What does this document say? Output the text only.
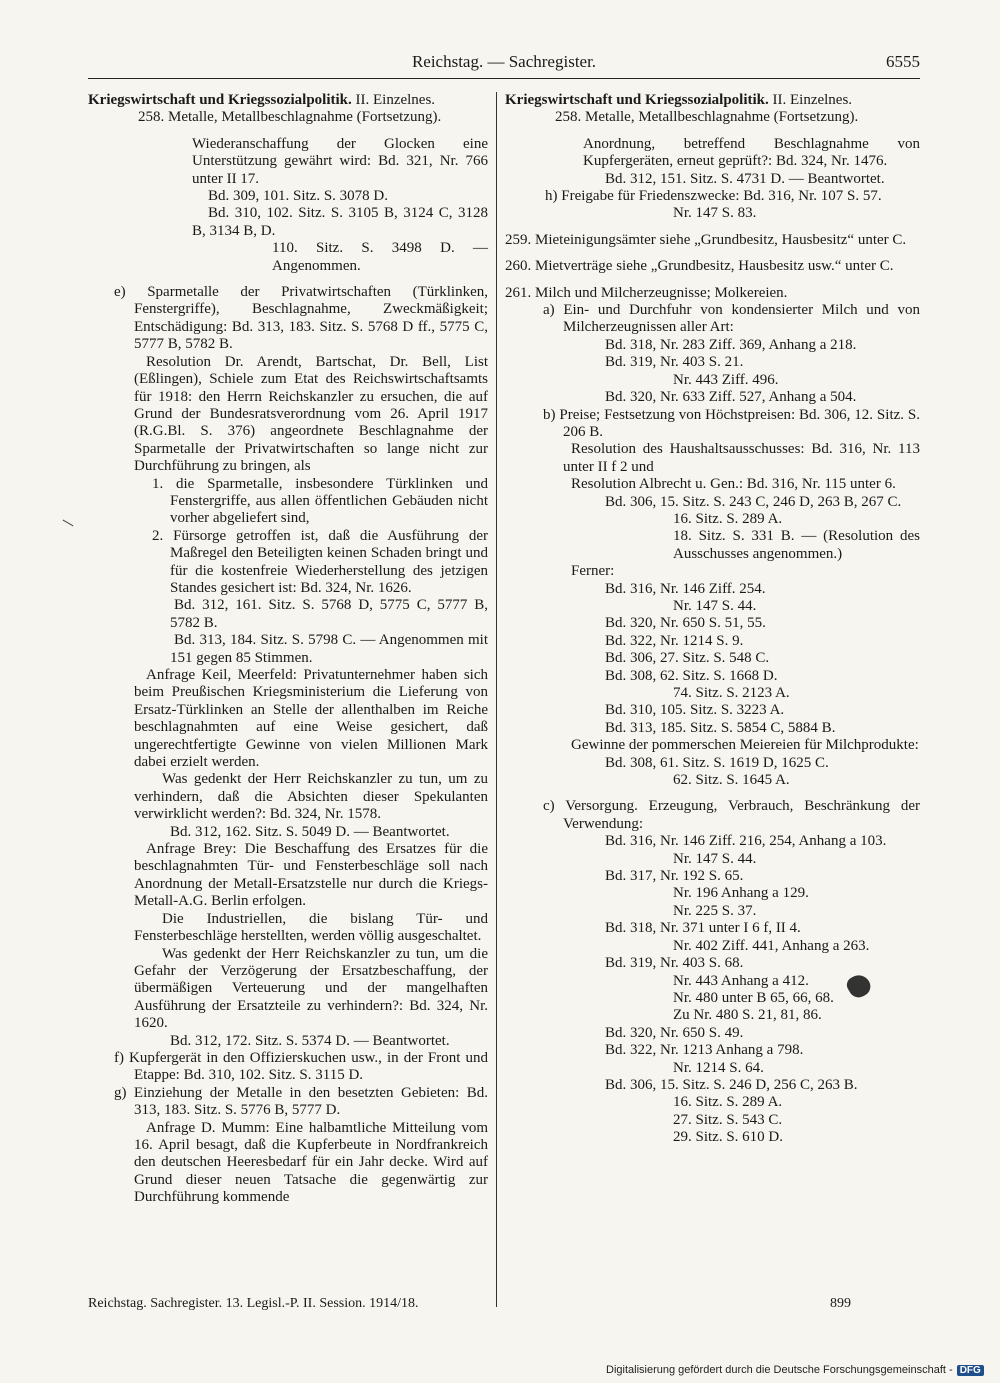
Reichstag. — Sachregister.	6555

Kriegswirtschaft und Kriegssozialpolitik. II. Einzelnes.

258. Metalle, Metallbeschlagnahme (Fortsetzung).

Wiederanschaffung der Glocken eine Unterstützung gewährt wird: Bd. 321, Nr. 766 unter II 17.

Bd. 309, 101. Sitz. S. 3078 D.

Bd. 310, 102. Sitz. S. 3105 B, 3124 C, 3128 B, 3134 B, D.

110. Sitz. S. 3498 D. — Angenommen.

e) Sparmetalle der Privatwirtschaften (Türklinken, Fenstergriffe), Beschlagnahme, Zweckmäßigkeit; Entschädigung: Bd. 313, 183. Sitz. S. 5768 D ff., 5775 C, 5777 B, 5782 B.

Resolution Dr. Arendt, Bartschat, Dr. Bell, List (Eßlingen), Schiele zum Etat des Reichswirtschaftsamts für 1918: den Herrn Reichskanzler zu ersuchen, die auf Grund der Bundesratsverordnung vom 26. April 1917 (R.G.Bl. S. 376) angeordnete Beschlagnahme der Sparmetalle der Privatwirtschaften so lange nicht zur Durchführung zu bringen, als

1. die Sparmetalle, insbesondere Türklinken und Fenstergriffe, aus allen öffentlichen Gebäuden nicht vorher abgeliefert sind,

2. Fürsorge getroffen ist, daß die Ausführung der Maßregel den Beteiligten keinen Schaden bringt und für die kostenfreie Wiederherstellung des jetzigen Standes gesichert ist: Bd. 324, Nr. 1626.

Bd. 312, 161. Sitz. S. 5768 D, 5775 C, 5777 B, 5782 B.

Bd. 313, 184. Sitz. S. 5798 C. — Angenommen mit 151 gegen 85 Stimmen.

Anfrage Keil, Meerfeld: Privatunternehmer haben sich beim Preußischen Kriegsministerium die Lieferung von Ersatz-Türklinken an Stelle der allenthalben im Reiche beschlagnahmten auf eine Weise gesichert, daß ungerechtfertigte Gewinne von vielen Millionen Mark dabei erzielt werden.

Was gedenkt der Herr Reichskanzler zu tun, um zu verhindern, daß die Absichten dieser Spekulanten verwirklicht werden?: Bd. 324, Nr. 1578.

Bd. 312, 162. Sitz. S. 5049 D. — Beantwortet.

Anfrage Brey: Die Beschaffung des Ersatzes für die beschlagnahmten Tür- und Fensterbeschläge soll nach Anordnung der Metall-Ersatzstelle nur durch die Kriegs-Metall-A.G. Berlin erfolgen.

Die Industriellen, die bislang Tür- und Fensterbeschläge herstellten, werden völlig ausgeschaltet.

Was gedenkt der Herr Reichskanzler zu tun, um die Gefahr der Verzögerung der Ersatzbeschaffung, der übermäßigen Verteuerung und der mangelhaften Ausführung der Ersatzteile zu verhindern?: Bd. 324, Nr. 1620.

Bd. 312, 172. Sitz. S. 5374 D. — Beantwortet.

f) Kupfergerät in den Offizierskuchen usw., in der Front und Etappe: Bd. 310, 102. Sitz. S. 3115 D.

g) Einziehung der Metalle in den besetzten Gebieten: Bd. 313, 183. Sitz. S. 5776 B, 5777 D.

Anfrage D. Mumm: Eine halbamtliche Mitteilung vom 16. April besagt, daß die Kupferbeute in Nordfrankreich den deutschen Heeresbedarf für ein Jahr decke. Wird auf Grund dieser neuen Tatsache die gegenwärtig zur Durchführung kommende

Kriegswirtschaft und Kriegssozialpolitik. II. Einzelnes.

258. Metalle, Metallbeschlagnahme (Fortsetzung).

Anordnung, betreffend Beschlagnahme von Kupfergeräten, erneut geprüft?: Bd. 324, Nr. 1476.

Bd. 312, 151. Sitz. S. 4731 D. — Beantwortet.

h) Freigabe für Friedenszwecke: Bd. 316, Nr. 107 S. 57.

Nr. 147 S. 83.

259. Mieteinigungsämter siehe „Grundbesitz, Hausbesitz“ unter C.

260. Mietverträge siehe „Grundbesitz, Hausbesitz usw.“ unter C.

261. Milch und Milcherzeugnisse; Molkereien.

a) Ein- und Durchfuhr von kondensierter Milch und von Milcherzeugnissen aller Art:

Bd. 318, Nr. 283 Ziff. 369, Anhang a 218.

Bd. 319, Nr. 403 S. 21.

Nr. 443 Ziff. 496.

Bd. 320, Nr. 633 Ziff. 527, Anhang a 504.

b) Preise; Festsetzung von Höchstpreisen: Bd. 306, 12. Sitz. S. 206 B.

Resolution des Haushaltsausschusses: Bd. 316, Nr. 113 unter II f 2 und

Resolution Albrecht u. Gen.: Bd. 316, Nr. 115 unter 6.

Bd. 306, 15. Sitz. S. 243 C, 246 D, 263 B, 267 C.

16. Sitz. S. 289 A.

18. Sitz. S. 331 B. — (Resolution des Ausschusses angenommen.)

Ferner:

Bd. 316, Nr. 146 Ziff. 254.

Nr. 147 S. 44.

Bd. 320, Nr. 650 S. 51, 55.

Bd. 322, Nr. 1214 S. 9.

Bd. 306, 27. Sitz. S. 548 C.

Bd. 308, 62. Sitz. S. 1668 D.

74. Sitz. S. 2123 A.

Bd. 310, 105. Sitz. S. 3223 A.

Bd. 313, 185. Sitz. S. 5854 C, 5884 B.

Gewinne der pommerschen Meiereien für Milchprodukte:

Bd. 308, 61. Sitz. S. 1619 D, 1625 C.

62. Sitz. S. 1645 A.

c) Versorgung. Erzeugung, Verbrauch, Beschränkung der Verwendung:

Bd. 316, Nr. 146 Ziff. 216, 254, Anhang a 103.

Nr. 147 S. 44.

Bd. 317, Nr. 192 S. 65.

Nr. 196 Anhang a 129.

Nr. 225 S. 37.

Bd. 318, Nr. 371 unter I 6 f, II 4.

Nr. 402 Ziff. 441, Anhang a 263.

Bd. 319, Nr. 403 S. 68.

Nr. 443 Anhang a 412.

Nr. 480 unter B 65, 66, 68.

Zu Nr. 480 S. 21, 81, 86.

Bd. 320, Nr. 650 S. 49.

Bd. 322, Nr. 1213 Anhang a 798.

Nr. 1214 S. 64.

Bd. 306, 15. Sitz. S. 246 D, 256 C, 263 B.

16. Sitz. S. 289 A.

27. Sitz. S. 543 C.

29. Sitz. S. 610 D.

Reichstag. Sachregister. 13. Legisl.-P. II. Session. 1914/18.	899
Digitalisierung gefördert durch die Deutsche Forschungsgemeinschaft - DFG
